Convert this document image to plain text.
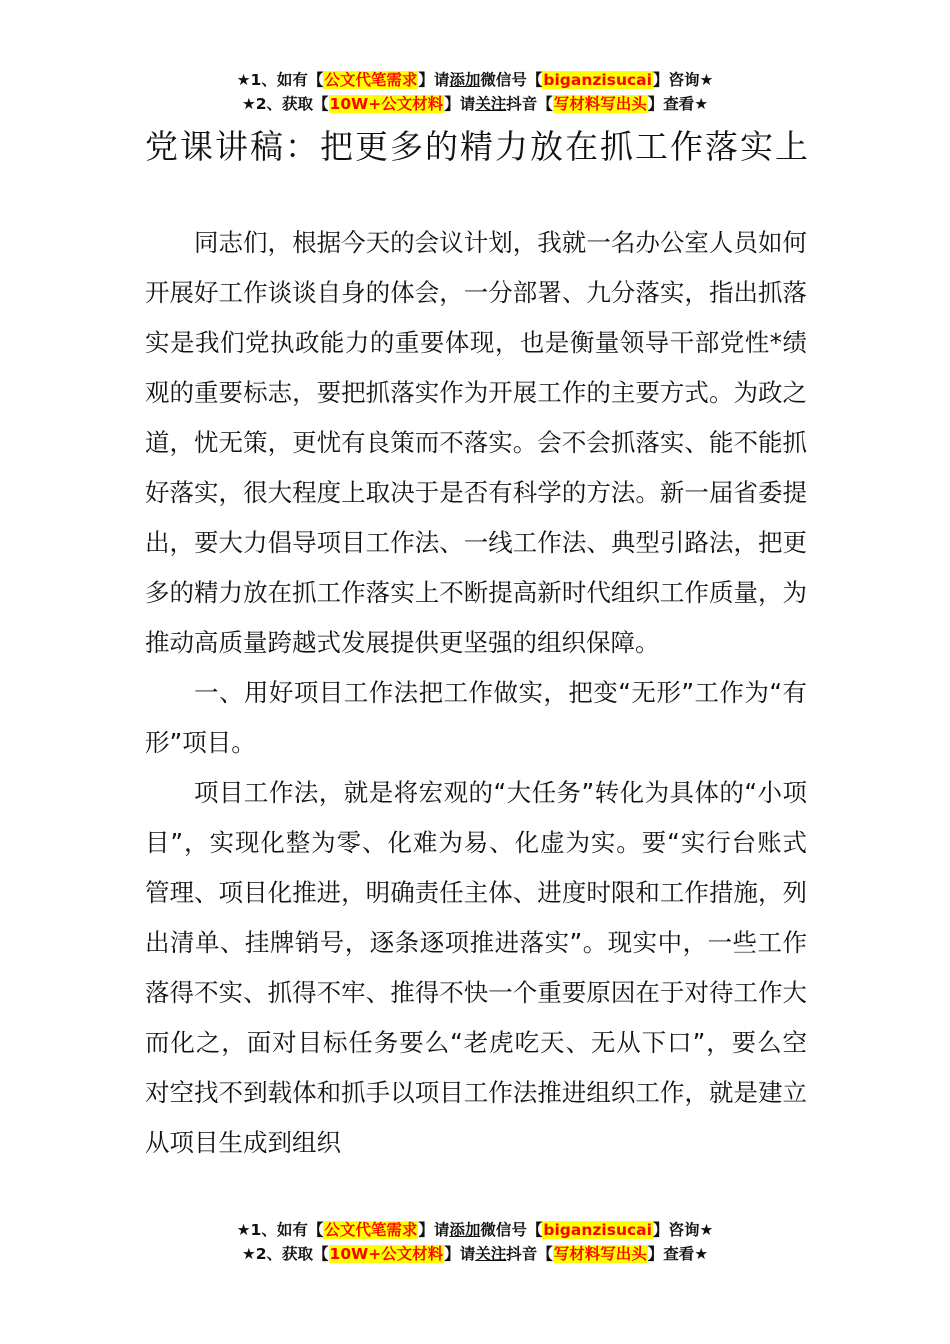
★1、如有【公文代笔需求】请添加微信号【biganzisucai】咨询★
★2、获取【10W+公文材料】请关注抖音【写材料写出头】查看★
党课讲稿：把更多的精力放在抓工作落实上

同志们，根据今天的会议计划，我就一名办公室人员如何开展好工作谈谈自身的体会，一分部署、九分落实，指出抓落实是我们党执政能力的重要体现，也是衡量领导干部党性*绩观的重要标志，要把抓落实作为开展工作的主要方式。为政之道，忧无策，更忧有良策而不落实。会不会抓落实、能不能抓好落实，很大程度上取决于是否有科学的方法。新一届省委提出，要大力倡导项目工作法、一线工作法、典型引路法，把更多的精力放在抓工作落实上不断提高新时代组织工作质量，为推动高质量跨越式发展提供更坚强的组织保障。

一、用好项目工作法把工作做实，把变“无形”工作为“有形”项目。

项目工作法，就是将宏观的“大任务”转化为具体的“小项目”，实现化整为零、化难为易、化虚为实。要“实行台账式管理、项目化推进，明确责任主体、进度时限和工作措施，列出清单、挂牌销号，逐条逐项推进落实”。现实中，一些工作落得不实、抓得不牢、推得不快一个重要原因在于对待工作大而化之，面对目标任务要么“老虎吃天、无从下口”，要么空对空找不到载体和抓手以项目工作法推进组织工作，就是建立从项目生成到组织

★1、如有【公文代笔需求】请添加微信号【biganzisucai】咨询★
★2、获取【10W+公文材料】请关注抖音【写材料写出头】查看★
